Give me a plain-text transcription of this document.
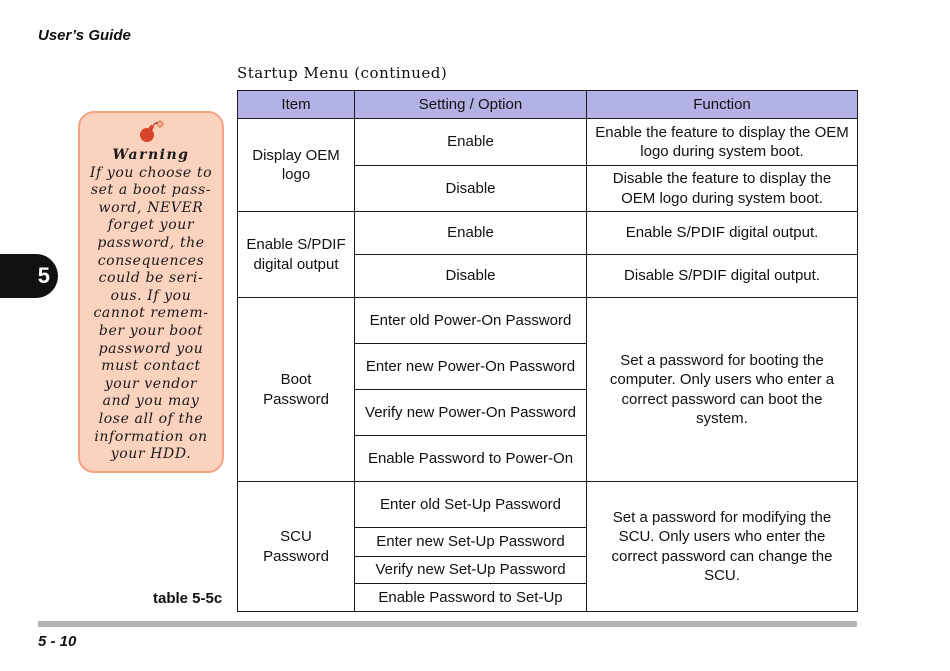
User’s Guide
Startup Menu (continued)
5
Warning
If you choose to
set a boot pass-
word, NEVER
forget your
password, the
consequences
could be seri-
ous. If you
cannot remem-
ber your boot
password you
must contact
your vendor
and you may
lose all of the
information on
your HDD.
Item	Setting / Option	Function
Display OEM logo	Enable	Enable the feature to display the OEM logo during system boot.
	Disable	Disable the feature to display the OEM logo during system boot.
Enable S/PDIF digital output	Enable	Enable S/PDIF digital output.
	Disable	Disable S/PDIF digital output.
Boot Password	Enter old Power-On Password	Set a password for booting the computer. Only users who enter a correct password can boot the system.
	Enter new Power-On Password	
	Verify new Power-On Password	
	Enable Password to Power-On	
SCU Password	Enter old Set-Up Password	Set a password for modifying the SCU. Only users who enter the correct password can change the SCU.
	Enter new Set-Up Password	
	Verify new Set-Up Password	
	Enable Password to Set-Up	
table 5-5c
5 - 10
